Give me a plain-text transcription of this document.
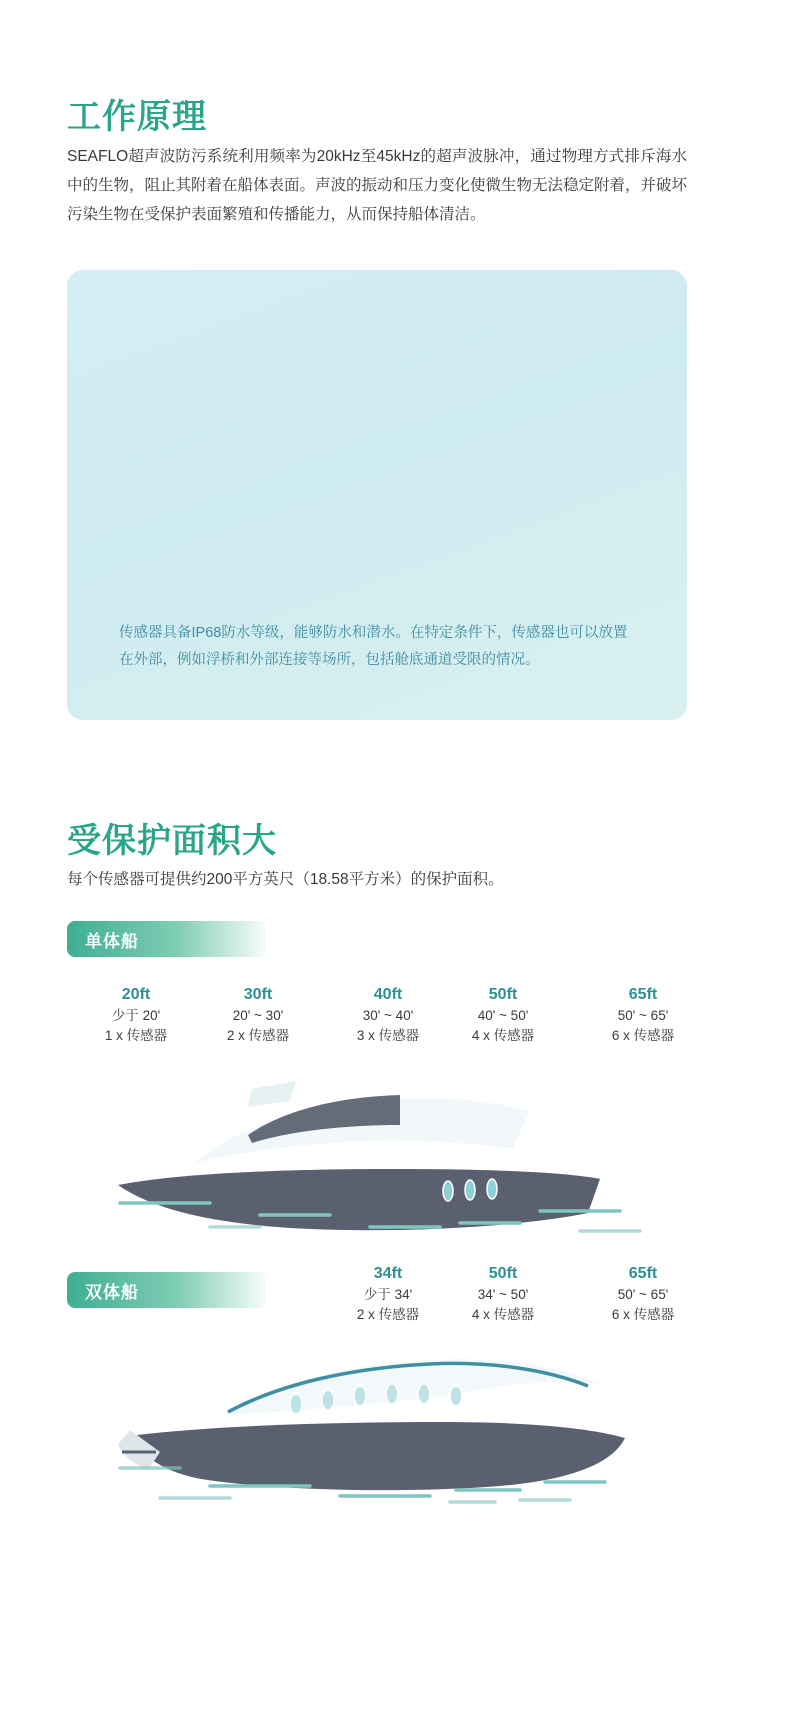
工作原理

SEAFLO超声波防污系统利用频率为20kHz至45kHz的超声波脉冲，通过物理方式排斥海水中的生物，阻止其附着在船体表面。声波的振动和压力变化使微生物无法稳定附着，并破坏污染生物在受保护表面繁殖和传播能力，从而保持船体清洁。

传感器具备IP68防水等级，能够防水和潜水。在特定条件下，传感器也可以放置在外部，例如浮桥和外部连接等场所，包括舱底通道受限的情况。

受保护面积大

每个传感器可提供约200平方英尺（18.58平方米）的保护面积。

单体船
20ft
少于 20'
1 x 传感器
30ft
20' ~ 30'
2 x 传感器
40ft
30' ~ 40'
3 x 传感器
50ft
40' ~ 50'
4 x 传感器
65ft
50' ~ 65'
6 x 传感器
双体船
34ft
少于 34'
2 x 传感器
50ft
34' ~ 50'
4 x 传感器
65ft
50' ~ 65'
6 x 传感器
